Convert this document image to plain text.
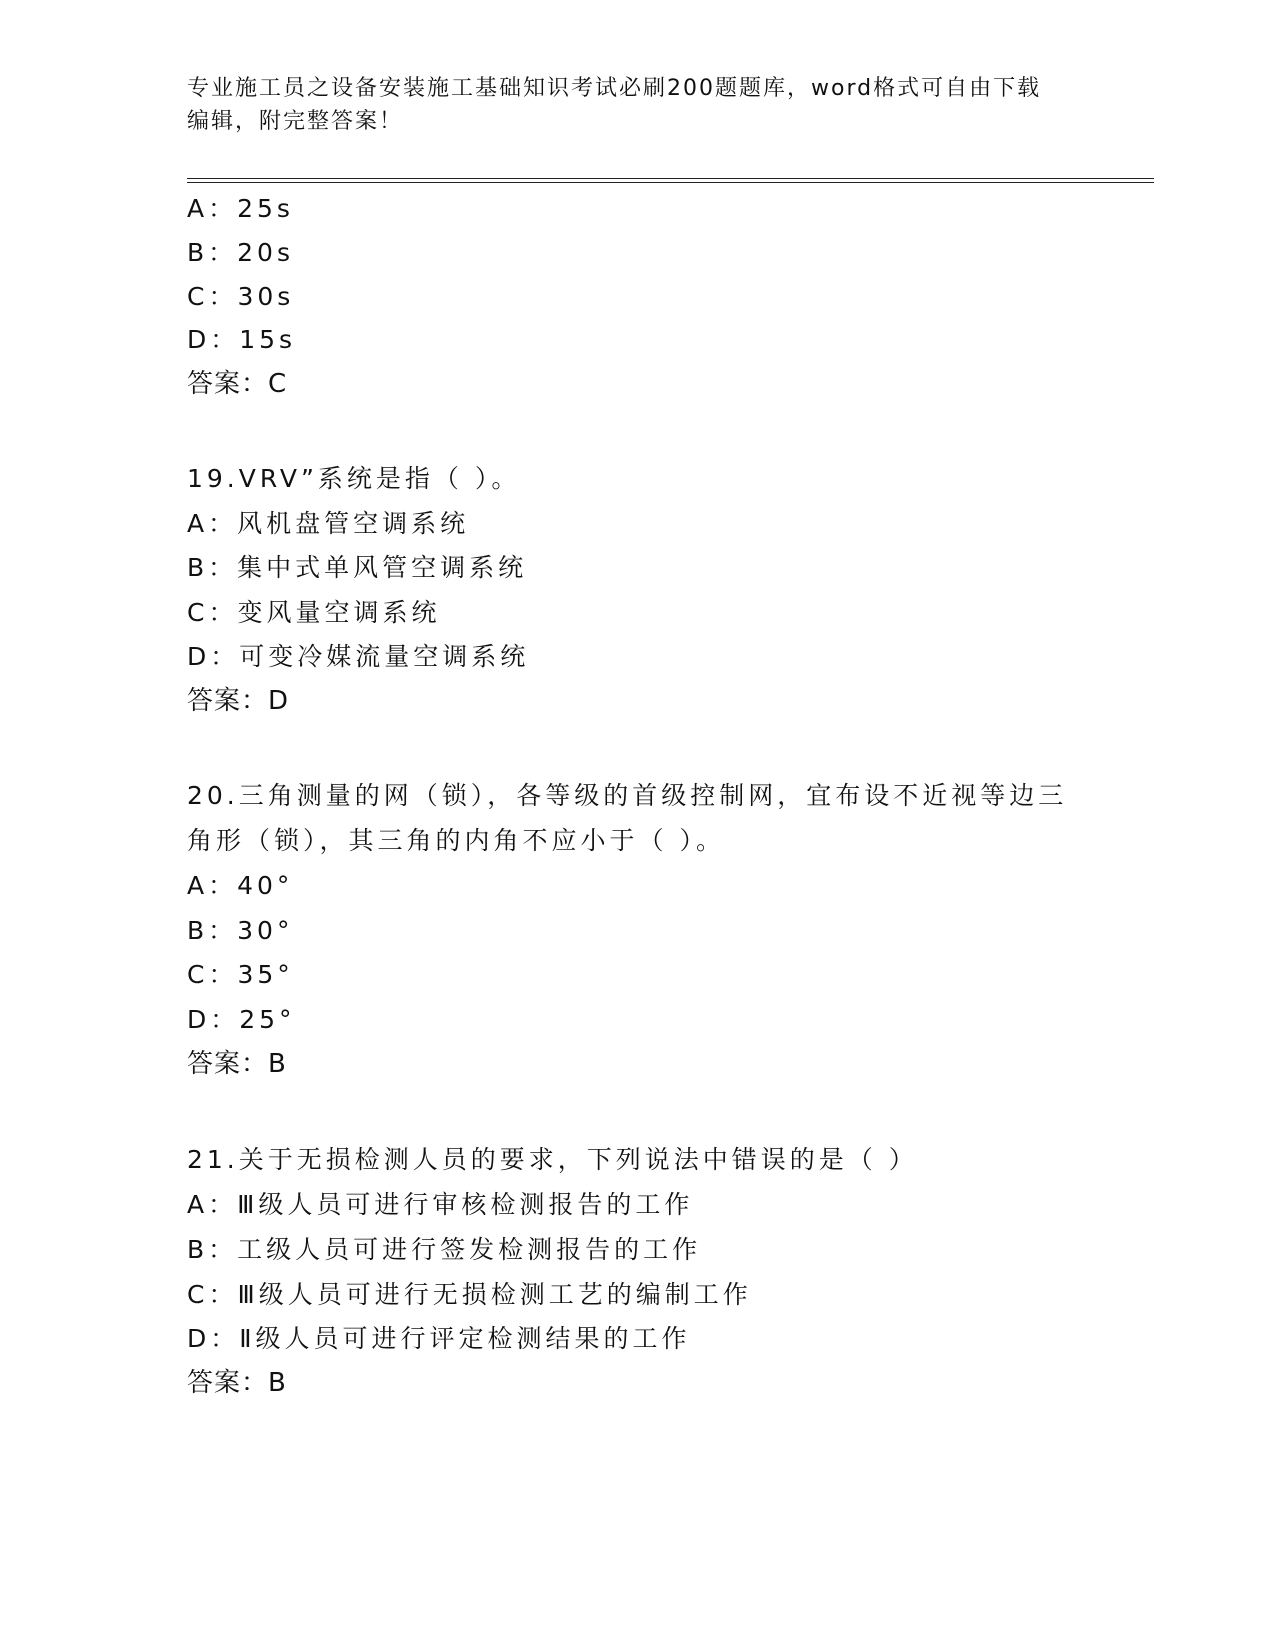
专业施工员之设备安装施工基础知识考试必刷200题题库，word格式可自由下载
编辑，附完整答案！
A：25s
B：20s
C：30s
D：15s
答案：C
19.VRV”系统是指（ ）。
A：风机盘管空调系统
B：集中式单风管空调系统
C：变风量空调系统
D：可变冷媒流量空调系统
答案：D
20.三角测量的网（锁），各等级的首级控制网，宜布设不近视等边三
角形（锁），其三角的内角不应小于（ ）。
A：40°
B：30°
C：35°
D：25°
答案：B
21.关于无损检测人员的要求，下列说法中错误的是（ ）
A：Ⅲ级人员可进行审核检测报告的工作
B：工级人员可进行签发检测报告的工作
C：Ⅲ级人员可进行无损检测工艺的编制工作
D：Ⅱ级人员可进行评定检测结果的工作
答案：B
